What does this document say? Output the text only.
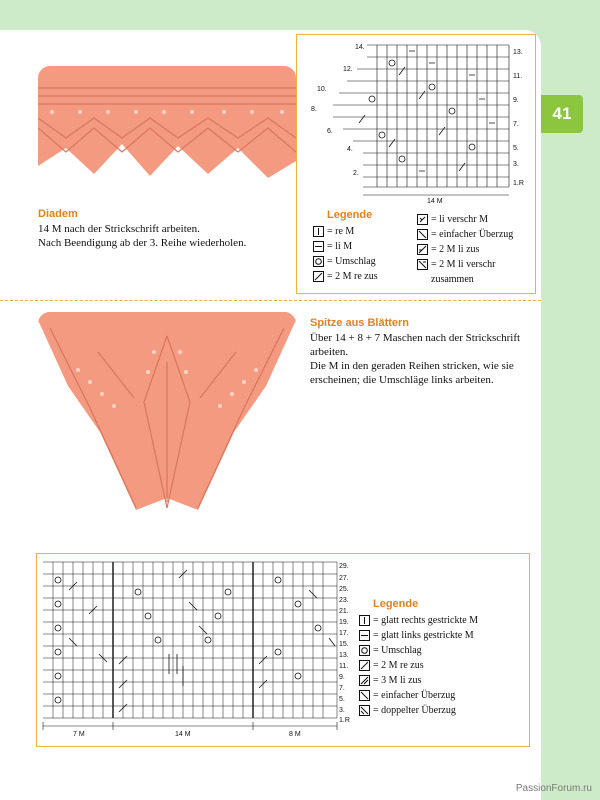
41
Diadem
14 M nach der Strickschrift arbeiten.
Nach Beendigung ab der 3. Reihe wiederholen.
13.
11.
9.
7.
5.
3.
1.R
14.
12.
10.
8.
6.
4.
2.
14 M
Legende
= re M
= li M
= Umschlag
= 2 M re zus
= li verschr M
= einfacher Überzug
= 2 M li zus
= 2 M li verschr
zusammen
Spitze aus Blättern
Über 14 + 8 + 7 Maschen nach der Strickschrift
arbeiten.
Die M in den geraden Reihen stricken, wie sie
erscheinen; die Umschläge links arbeiten.
29.
27.
25.
23.
21.
19.
17.
15.
13.
11.
9.
7.
5.
3.
1.R
7 M	14 M	8 M
Legende
= glatt rechts gestrickte M
= glatt links gestrickte M
= Umschlag
= 2 M re zus
= 3 M li zus
= einfacher Überzug
= doppelter Überzug
PassionForum.ru
